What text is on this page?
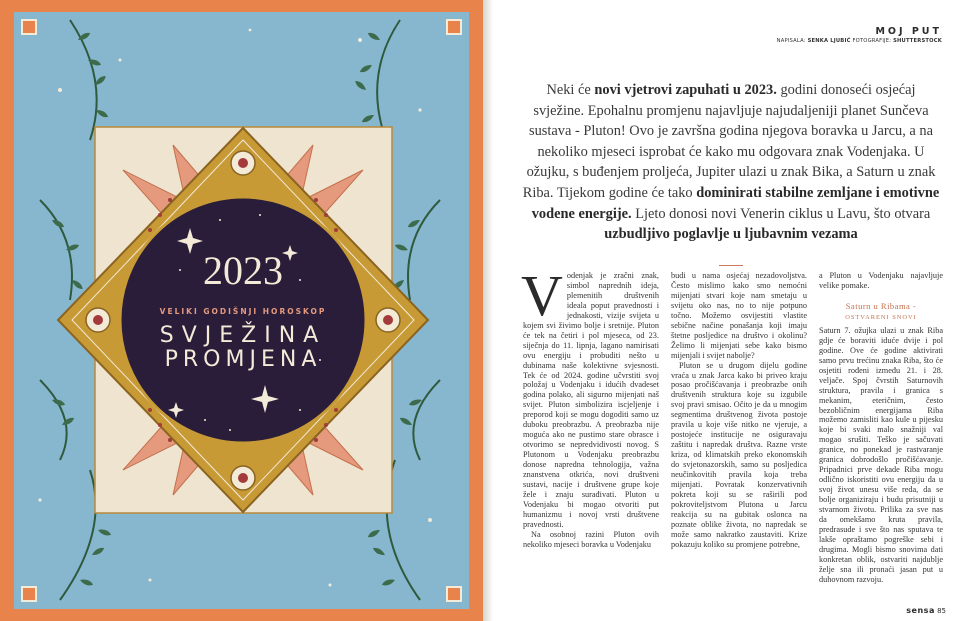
2023
VELIKI GODIŠNJI HOROSKOP
SVJEŽINA
PROMJENA
MOJ PUT
NAPISALA: SENKA LJUBIĆ FOTOGRAFIJE: SHUTTERSTOCK
Neki će novi vjetrovi zapuhati u 2023. godini donoseći osjećaj svježine. Epohalnu promjenu najavljuje najudaljeniji planet Sunčeva sustava - Pluton! Ovo je završna godina njegova boravka u Jarcu, a na nekoliko mjeseci isprobat će kako mu odgovara znak Vodenjaka. U ožujku, s buđenjem proljeća, Jupiter ulazi u znak Bika, a Saturn u znak Riba. Tijekom godine će tako dominirati stabilne zemljane i emotivne vodene energije. Ljeto donosi novi Venerin ciklus u Lavu, što otvara uzbudljivo poglavlje u ljubavnim vezama

Vodenjak je zračni znak, simbol naprednih ideja, plemenitih društvenih ideala poput pravednosti i jednakosti, vizije svijeta u kojem svi živimo bolje i sretnije. Pluton će tek na četiri i pol mjeseca, od 23. siječnja do 11. lipnja, lagano namirisati ovu energiju i probuditi nešto u dubinama naše kolektivne svjesnosti. Tek će od 2024. godine učvrstiti svoj položaj u Vodenjaku i idućih dvadeset godina polako, ali sigurno mijenjati naš svijet. Pluton simbolizira iscjeljenje i preporod koji se mogu dogoditi samo uz duboku preobrazbu. A preobrazba nije moguća ako ne pustimo stare obrasce i otvorimo se nepredvidivosti novog. S Plutonom u Vodenjaku preobrazbu donose napredna tehnologija, važna znanstvena otkrića, novi društveni sustavi, nacije i društvene grupe koje žele i znaju surađivati. Pluton u Vodenjaku bi mogao otvoriti put humanizmu i novoj vrsti društvene pravednosti.

Na osobnoj razini Pluton ovih nekoliko mjeseci boravka u Vodenjaku

budi u nama osjećaj nezadovoljstva. Često mislimo kako smo nemoćni mijenjati stvari koje nam smetaju u svijetu oko nas, no to nije potpuno točno. Možemo osvijestiti vlastite sebične načine ponašanja koji imaju štetne posljedice na društvo i okolinu? Želimo li mijenjati sebe kako bismo mijenjali i svijet nabolje?

Pluton se u drugom dijelu godine vraća u znak Jarca kako bi priveo kraju posao pročišćavanja i preobrazbe onih društvenih struktura koje su izgubile svoj pravi smisao. Očito je da u mnogim segmentima društvenog života postoje pravila u koje više nitko ne vjeruje, a postojeće institucije ne osiguravaju zaštitu i napredak društva. Razne vrste kriza, od klimatskih preko ekonomskih do svjetonazorskih, samo su posljedica neučinkovitih pravila koja treba mijenjati. Povratak konzervativnih pokreta koji su se raširili pod pokroviteljstvom Plutona u Jarcu reakcija su na gubitak oslonca na poznate oblike života, no napredak se može samo nakratko zaustaviti. Krize pokazuju koliko su promjene potrebne,

a Pluton u Vodenjaku najavljuje velike pomake.

Saturn u Ribama -
OSTVARENI SNOVI

Saturn 7. ožujka ulazi u znak Riba gdje će boraviti iduće dvije i pol godine. Ove će godine aktivirati samo prvu trećinu znaka Riba, što će osjetiti rođeni između 21. i 28. veljače. Spoj čvrstih Saturnovih struktura, pravila i granica s mekanim, eteričnim, često bezobličnim energijama Riba možemo zamisliti kao kule u pijesku koje bi svaki malo snažniji val mogao srušiti. Teško je sačuvati granice, no ponekad je rastvaranje granica dobrodošlo pročišćavanje. Pripadnici prve dekade Riba mogu odlično iskoristiti ovu energiju da u svoj život unesu više reda, da se bolje organiziraju i budu prisutniji u stvarnom životu. Prilika za sve nas da omekšamo kruta pravila, predrasude i sve što nas sputava te lakše opraštamo pogreške sebi i drugima. Mogli bismo snovima dati konkretan oblik, ostvariti najdublje želje sna ili pronaći jasan put u duhovnom razvoju.

sensa 85
